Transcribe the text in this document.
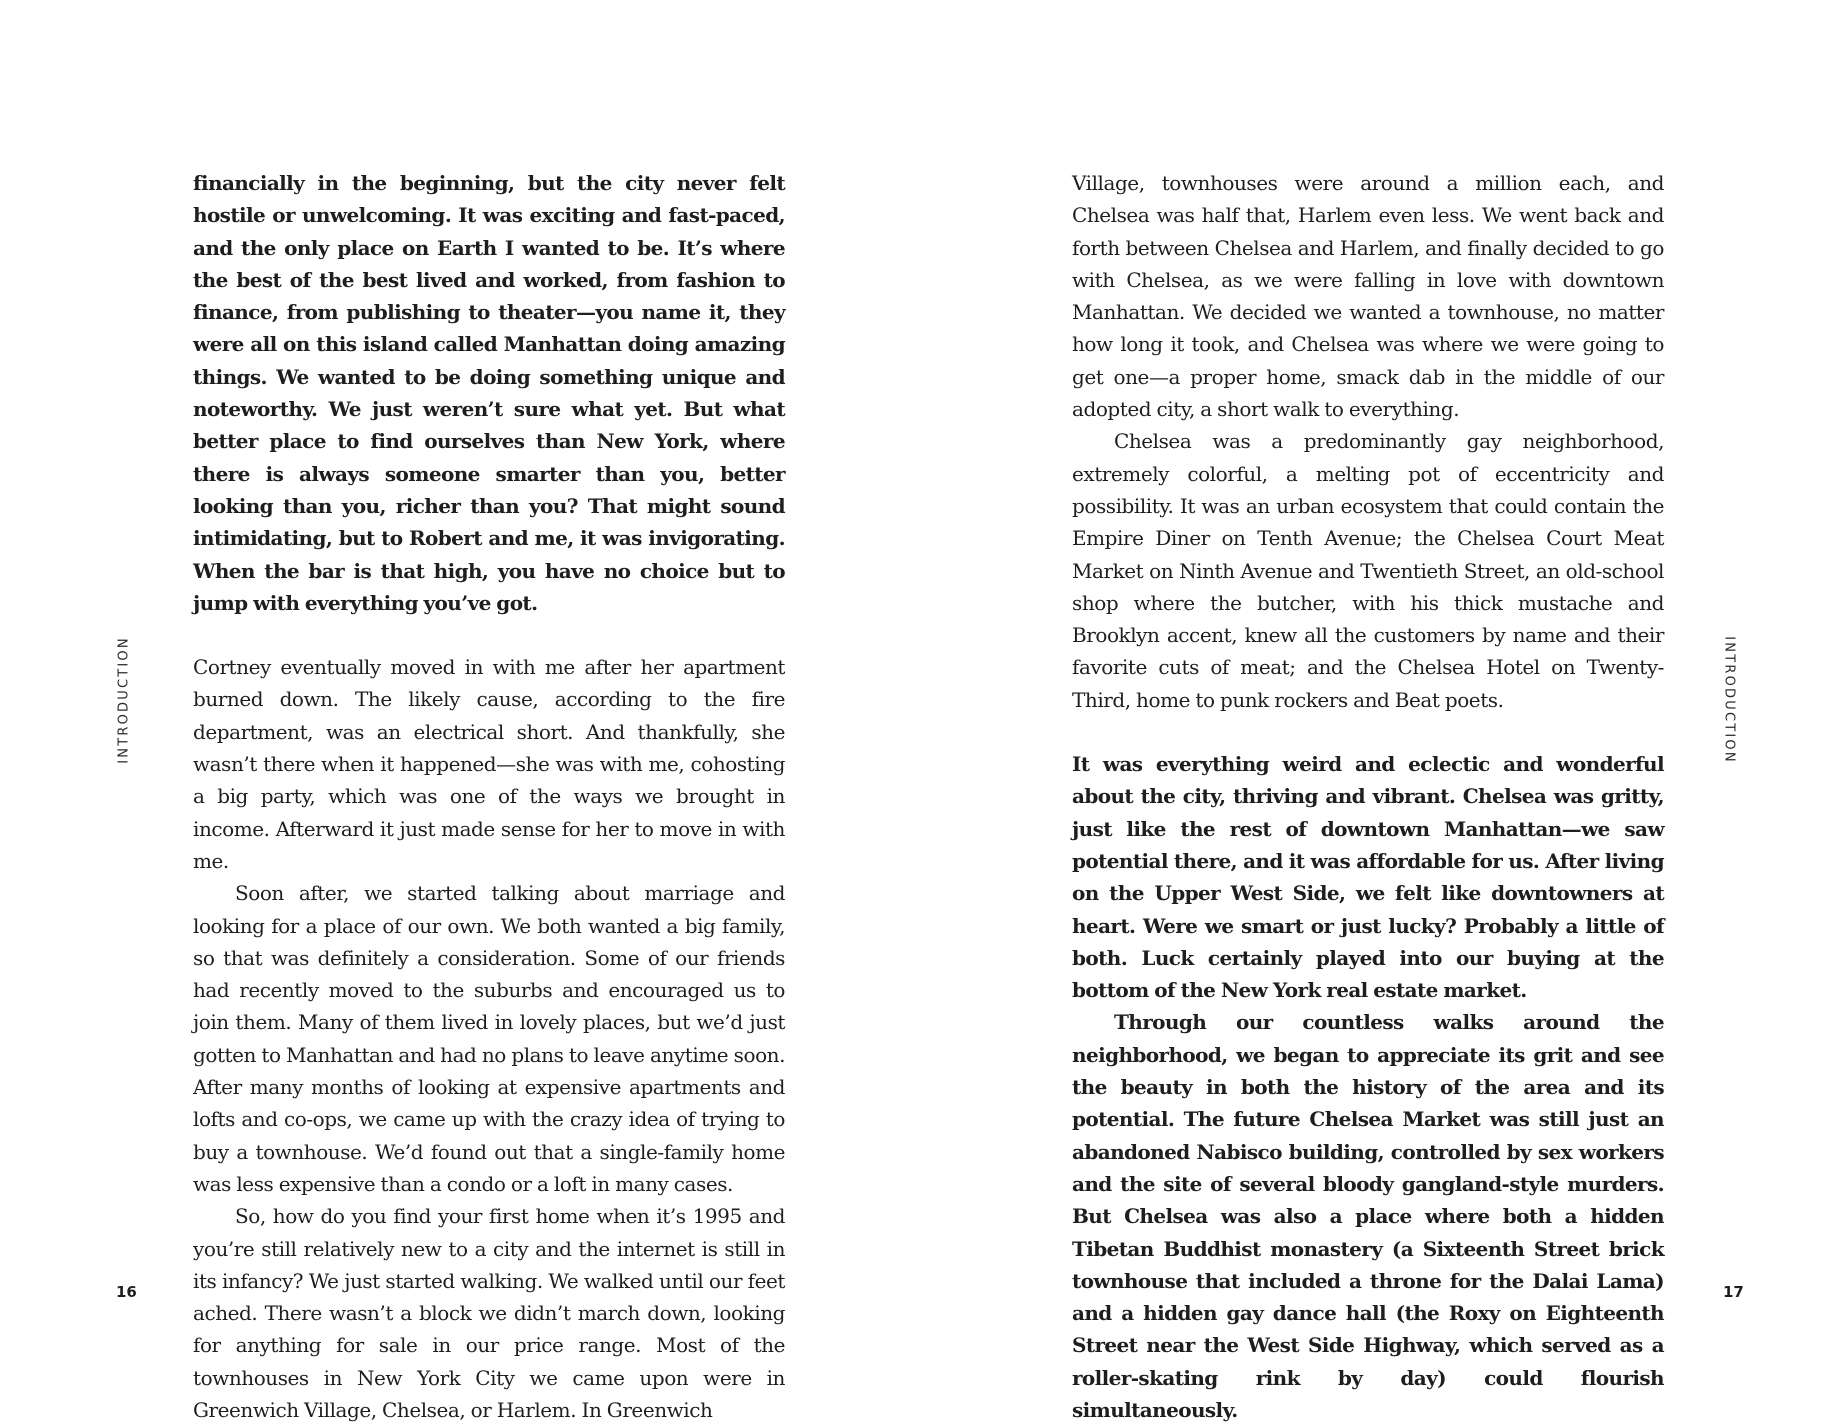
INTRODUCTION

financially in the beginning, but the city never felt hostile or unwelcoming. It was exciting and fast-paced, and the only place on Earth I wanted to be. It’s where the best of the best lived and worked, from fashion to finance, from publishing to theater—you name it, they were all on this island called Manhattan doing amazing things. We wanted to be doing something unique and noteworthy. We just weren’t sure what yet. But what better place to find ourselves than New York, where there is always someone smarter than you, better looking than you, richer than you? That might sound intimidating, but to Robert and me, it was invigorating. When the bar is that high, you have no choice but to jump with everything you’ve got.

Cortney eventually moved in with me after her apartment burned down. The likely cause, according to the fire department, was an electrical short. And thankfully, she wasn’t there when it happened—she was with me, cohosting a big party, which was one of the ways we brought in income. Afterward it just made sense for her to move in with me.

Soon after, we started talking about marriage and looking for a place of our own. We both wanted a big family, so that was definitely a consideration. Some of our friends had recently moved to the suburbs and encouraged us to join them. Many of them lived in lovely places, but we’d just gotten to Manhattan and had no plans to leave anytime soon. After many months of looking at expensive apartments and lofts and co-ops, we came up with the crazy idea of trying to buy a townhouse. We’d found out that a single-family home was less expensive than a condo or a loft in many cases.

So, how do you find your first home when it’s 1995 and you’re still relatively new to a city and the internet is still in its infancy? We just started walking. We walked until our feet ached. There wasn’t a block we didn’t march down, looking for anything for sale in our price range. Most of the townhouses in New York City we came upon were in Greenwich Village, Chelsea, or Harlem. In Greenwich

16

Village, townhouses were around a million each, and Chelsea was half that, Harlem even less. We went back and forth between Chelsea and Harlem, and finally decided to go with Chelsea, as we were falling in love with downtown Manhattan. We decided we wanted a townhouse, no matter how long it took, and Chelsea was where we were going to get one—a proper home, smack dab in the middle of our adopted city, a short walk to everything.

Chelsea was a predominantly gay neighborhood, extremely colorful, a melting pot of eccentricity and possibility. It was an urban ecosystem that could contain the Empire Diner on Tenth Avenue; the Chelsea Court Meat Market on Ninth Avenue and Twentieth Street, an old-school shop where the butcher, with his thick mustache and Brooklyn accent, knew all the customers by name and their favorite cuts of meat; and the Chelsea Hotel on Twenty-Third, home to punk rockers and Beat poets.

It was everything weird and eclectic and wonderful about the city, thriving and vibrant. Chelsea was gritty, just like the rest of downtown Manhattan—we saw potential there, and it was affordable for us. After living on the Upper West Side, we felt like downtowners at heart. Were we smart or just lucky? Probably a little of both. Luck certainly played into our buying at the bottom of the New York real estate market.

Through our countless walks around the neighborhood, we began to appreciate its grit and see the beauty in both the history of the area and its potential. The future Chelsea Market was still just an abandoned Nabisco building, controlled by sex workers and the site of several bloody gangland-style murders. But Chelsea was also a place where both a hidden Tibetan Buddhist monastery (a Sixteenth Street brick townhouse that included a throne for the Dalai Lama) and a hidden gay dance hall (the Roxy on Eighteenth Street near the West Side Highway, which served as a roller-skating rink by day) could flourish simultaneously.

INTRODUCTION
17
